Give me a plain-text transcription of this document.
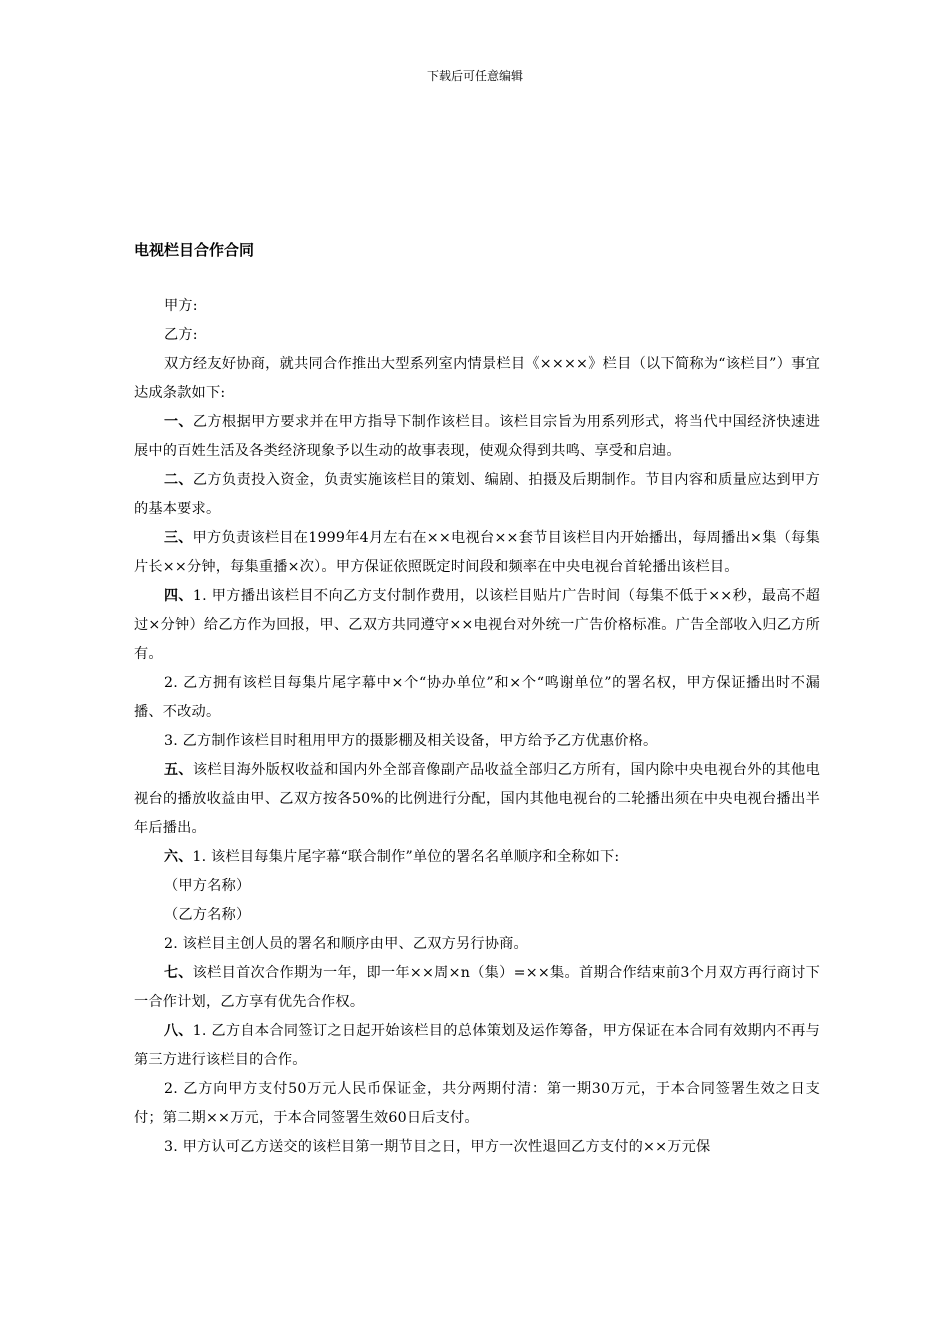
下载后可任意编辑
电视栏目合作合同

甲方:

乙方:

双方经友好协商，就共同合作推出大型系列室内情景栏目《××××》栏目（以下简称为“该栏目”）事宜达成条款如下:

一、乙方根据甲方要求并在甲方指导下制作该栏目。该栏目宗旨为用系列形式，将当代中国经济快速进展中的百姓生活及各类经济现象予以生动的故事表现，使观众得到共鸣、享受和启迪。

二、乙方负责投入资金，负责实施该栏目的策划、编剧、拍摄及后期制作。节目内容和质量应达到甲方的基本要求。

三、甲方负责该栏目在1999年4月左右在××电视台××套节目该栏目内开始播出，每周播出×集（每集片长××分钟，每集重播×次）。甲方保证依照既定时间段和频率在中央电视台首轮播出该栏目。

四、1. 甲方播出该栏目不向乙方支付制作费用，以该栏目贴片广告时间（每集不低于××秒，最高不超过×分钟）给乙方作为回报，甲、乙双方共同遵守××电视台对外统一广告价格标准。广告全部收入归乙方所有。

2. 乙方拥有该栏目每集片尾字幕中×个“协办单位”和×个“鸣谢单位”的署名权，甲方保证播出时不漏播、不改动。

3. 乙方制作该栏目时租用甲方的摄影棚及相关设备，甲方给予乙方优惠价格。

五、该栏目海外版权收益和国内外全部音像副产品收益全部归乙方所有，国内除中央电视台外的其他电视台的播放收益由甲、乙双方按各50%的比例进行分配，国内其他电视台的二轮播出须在中央电视台播出半年后播出。

六、1. 该栏目每集片尾字幕“联合制作”单位的署名名单顺序和全称如下:

（甲方名称）

（乙方名称）

2. 该栏目主创人员的署名和顺序由甲、乙双方另行协商。

七、该栏目首次合作期为一年，即一年××周×n（集）=××集。首期合作结束前3个月双方再行商讨下一合作计划，乙方享有优先合作权。

八、1. 乙方自本合同签订之日起开始该栏目的总体策划及运作筹备，甲方保证在本合同有效期内不再与第三方进行该栏目的合作。

2. 乙方向甲方支付50万元人民币保证金，共分两期付清：第一期30万元，于本合同签署生效之日支付；第二期××万元，于本合同签署生效60日后支付。

3. 甲方认可乙方送交的该栏目第一期节目之日，甲方一次性退回乙方支付的××万元保
